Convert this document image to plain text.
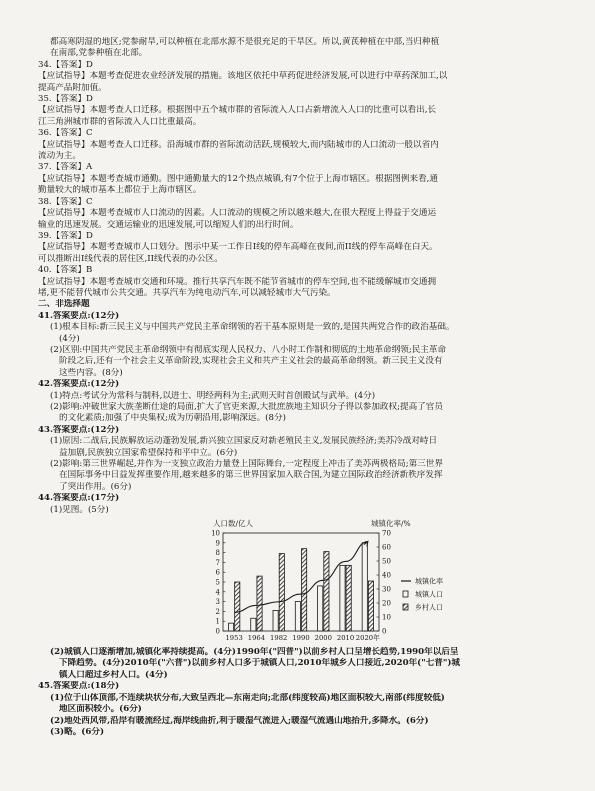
都高寒阴湿的地区;党参耐旱,可以种植在北部水源不是很充足的干旱区。所以,黄芪种植在中部,当归种植
在南部,党参种植在北部。
34.【答案】D
【应试指导】本题考查促进农业经济发展的措施。该地区依托中草药促进经济发展,可以进行中草药深加工,以
提高产品附加值。
35.【答案】D
【应试指导】本题考查人口迁移。根据图中五个城市群的省际流入人口占新增流入人口的比重可以看出,长
江三角洲城市群的省际流入人口比重最高。
36.【答案】C
【应试指导】本题考查人口迁移。沿海城市群的省际流动活跃,规模较大,而内陆城市的人口流动一般以省内
流动为主。
37.【答案】A
【应试指导】本题考查城市通勤。图中通勤量大的12个热点城镇,有7个位于上海市辖区。根据图例来看,通
勤量较大的城市基本上都位于上海市辖区。
38.【答案】C
【应试指导】本题考查城市人口流动的因素。人口流动的规模之所以越来越大,在很大程度上得益于交通运
输业的迅速发展。交通运输业的迅速发展,可以缩短人们的出行时间。
39.【答案】D
【应试指导】本题考查城市人口划分。图示中某一工作日I线的停车高峰在夜间,而II线的停车高峰在白天。
可以推断出I线代表的居住区,II线代表的办公区。
40.【答案】B
【应试指导】本题考查城市交通和环境。推行共享汽车既不能节省城市的停车空间,也不能缓解城市交通拥
堵,更不能替代城市公共交通。共享汽车为纯电动汽车,可以减轻城市大气污染。
二、非选择题
41.答案要点:(12分)
(1)根本目标:新三民主义与中国共产党民主革命纲领的若干基本原则是一致的,是国共两党合作的政治基础。
(4分)
(2)区别:中国共产党民主革命纲领中有彻底实现人民权力、八小时工作制和彻底的土地革命纲领;民主革命
阶段之后,还有一个社会主义革命阶段,实现社会主义和共产主义社会的最高革命纲领。新三民主义没有
这些内容。(8分)
42.答案要点:(12分)
(1)特点:考试分为常科与制科,以进士、明经两科为主;武则天时首创殿试与武举。(4分)
(2)影响:冲破世家大族垄断仕途的局面,扩大了官吏来源,大批庶族地主知识分子得以参加政权;提高了官员
的文化素质;加强了中央集权;成为历朝沿用,影响深远。(8分)
43.答案要点:(12分)
(1)原因:二战后,民族解放运动蓬勃发展,新兴独立国家反对新老殖民主义,发展民族经济;美苏冷战对峙日
益加剧,民族独立国家希望保持和平中立。(6分)
(2)影响:第三世界崛起,并作为一支独立政治力量登上国际舞台,一定程度上冲击了美苏两极格局;第三世界
在国际事务中日益发挥重要作用,越来越多的第三世界国家加入联合国,为建立国际政治经济新秩序发挥
了突出作用。(6分)
44.答案要点:(17分)
(1)见图。(5分)
人口数/亿人	城镇化率/%
0
1
2
3
4
5
6
7
8
9
10
0
10
20
30
40
50
60
70
1953 1964 1982 1990 2000 2010 2020年
城镇化率
城镇人口
乡村人口
(2)城镇人口逐渐增加,城镇化率持续提高。(4分)1990年("四普")以前乡村人口呈增长趋势,1990年以后呈
下降趋势。(4分)2010年("六普")以前乡村人口多于城镇人口,2010年城乡人口接近,2020年("七普")城
镇人口超过乡村人口。(4分)
45.答案要点:(18分)
(1)位于山体顶部,不连续块状分布,大致呈西北—东南走向;北部(纬度较高)地区面积较大,南部(纬度较低)
地区面积较小。(6分)
(2)地处西风带,沿岸有暖流经过,海岸线曲折,利于暖湿气流进入;暖湿气流遇山地抬升,多降水。(6分)
(3)略。(6分)
